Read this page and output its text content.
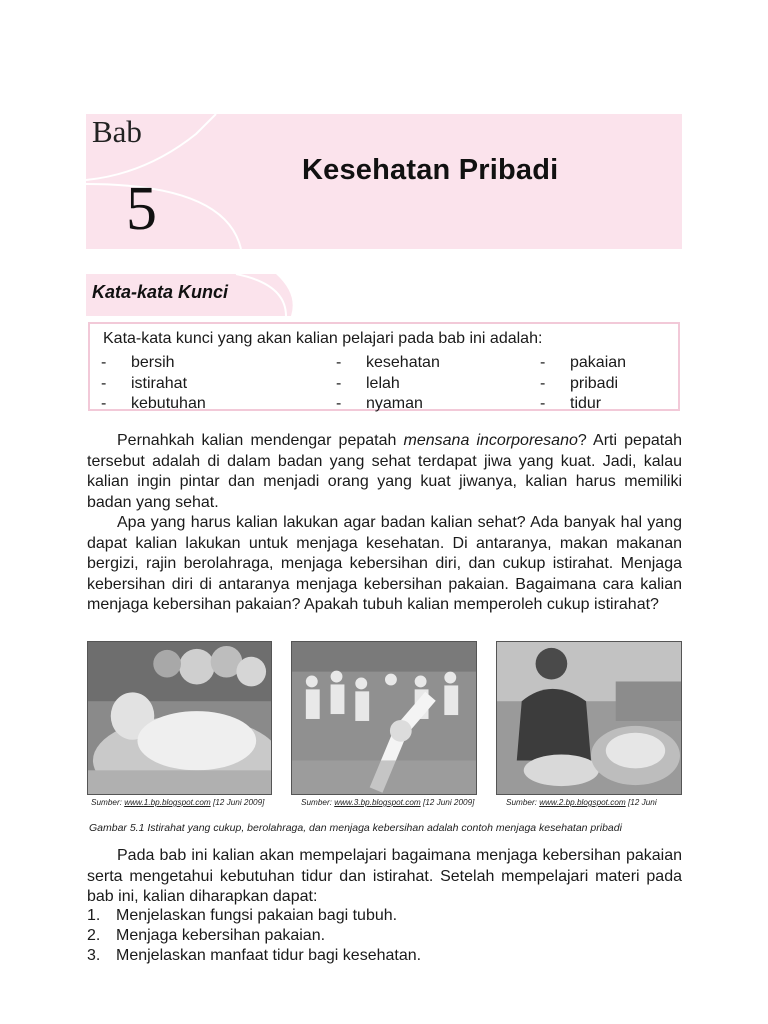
Bab
5
Kesehatan Pribadi
Kata-kata Kunci
Kata-kata kunci yang akan kalian pelajari pada bab ini adalah:
- bersih
- istirahat
- kebutuhan
- kesehatan
- lelah
- nyaman
- pakaian
- pribadi
- tidur

Pernahkah kalian mendengar pepatah mensana incorporesano? Arti pepatah tersebut adalah di dalam badan yang sehat terdapat jiwa yang kuat. Jadi, kalau kalian ingin pintar dan menjadi orang yang kuat jiwanya, kalian harus memiliki badan yang sehat.

Apa yang harus kalian lakukan agar badan kalian sehat? Ada banyak hal yang dapat kalian lakukan untuk menjaga kesehatan. Di antaranya, makan makanan bergizi, rajin berolahraga, menjaga kebersihan diri, dan cukup istirahat. Menjaga kebersihan diri di antaranya menjaga kebersihan pakaian. Bagaimana cara kalian menjaga kebersihan pakaian? Apakah tubuh kalian memperoleh cukup istirahat?

Sumber: www.1.bp.blogspot.com [12 Juni 2009]	Sumber: www.3.bp.blogspot.com [12 Juni 2009]	Sumber: www.2.bp.blogspot.com [12 Juni
Gambar 5.1 Istirahat yang cukup, berolahraga, dan menjaga kebersihan adalah contoh menjaga kesehatan pribadi

Pada bab ini kalian akan mempelajari bagaimana menjaga kebersihan pakaian serta mengetahui kebutuhan tidur dan istirahat. Setelah mempelajari materi pada bab ini, kalian diharapkan dapat:

1. Menjelaskan fungsi pakaian bagi tubuh.
2. Menjaga kebersihan pakaian.
3. Menjelaskan manfaat tidur bagi kesehatan.
